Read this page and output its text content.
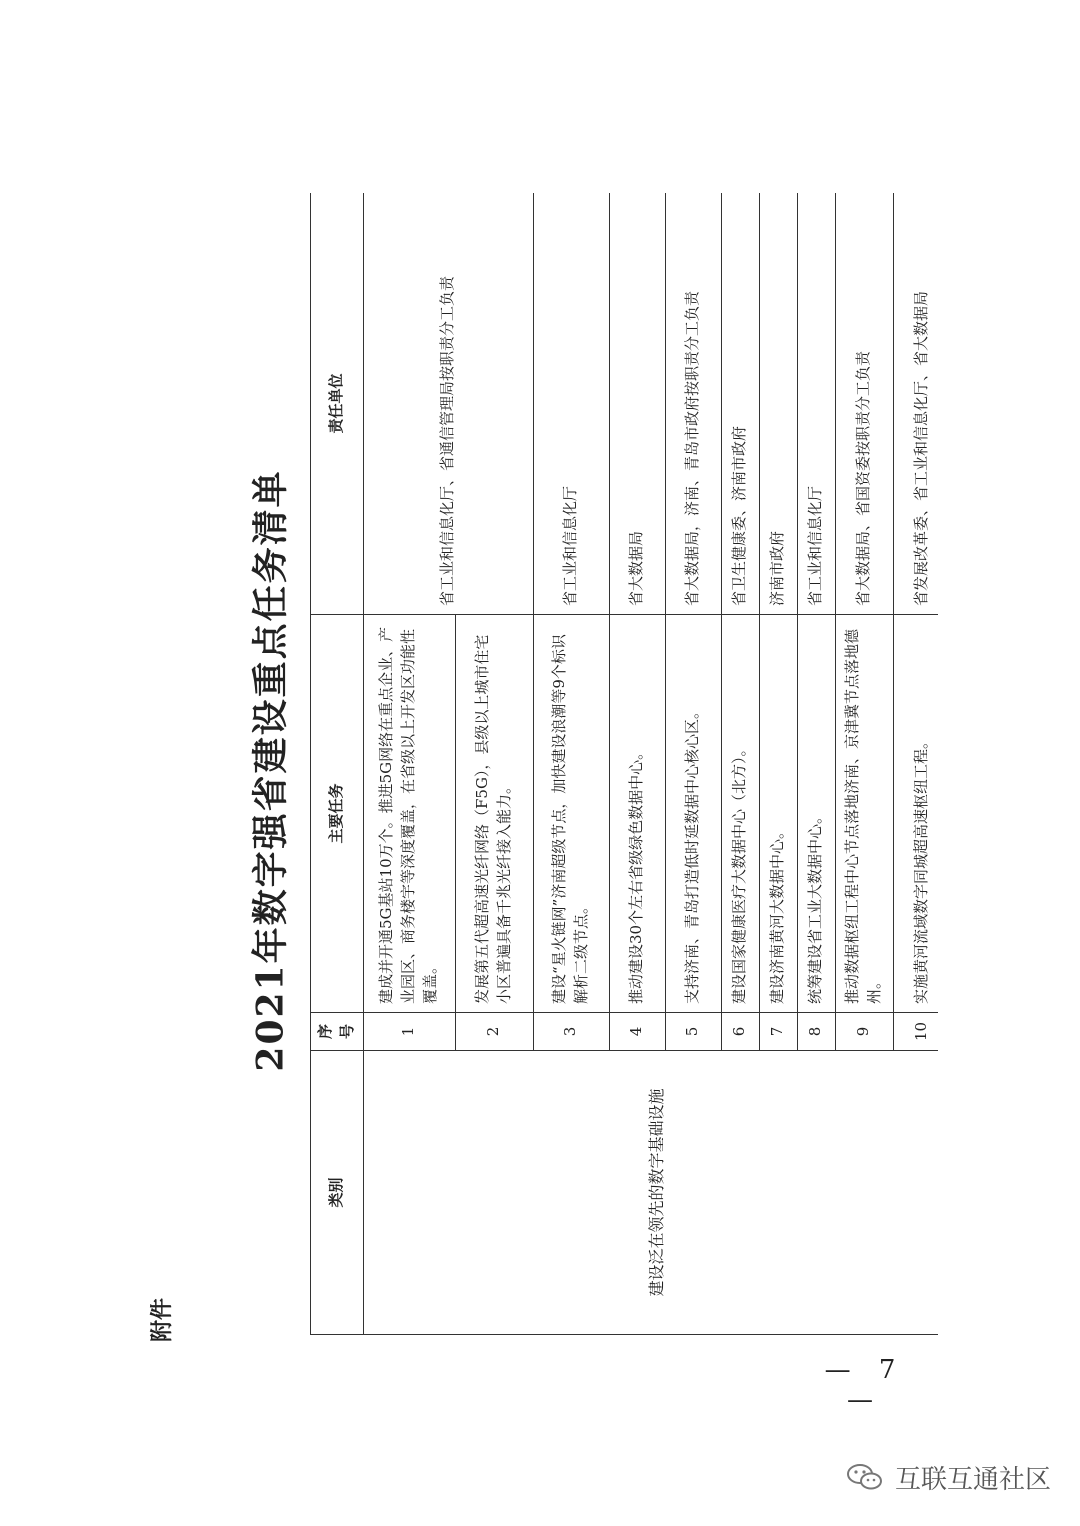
附件
2021年数字强省建设重点任务清单
类别	序号	主要任务	责任单位
建设泛在领先的数字基础设施	1	建成并开通5G基站10万个。推进5G网络在重点企业、产业园区、商务楼宇等深度覆盖，在省级以上开发区功能性覆盖。	省工业和信息化厅、省通信管理局按职责分工负责
	2	发展第五代超高速光纤网络（F5G），县级以上城市住宅小区普遍具备千兆光纤接入能力。	
	3	建设“星火链网”济南超级节点，加快建设浪潮等9个标识解析二级节点。	省工业和信息化厅
	4	推动建设30个左右省级绿色数据中心。	省大数据局
	5	支持济南、青岛打造低时延数据中心核心区。	省大数据局，济南、青岛市政府按职责分工负责
	6	建设国家健康医疗大数据中心（北方）。	省卫生健康委、济南市政府
	7	建设济南黄河大数据中心。	济南市政府
	8	统筹建设省工业大数据中心。	省工业和信息化厅
	9	推动数据枢纽工程中心节点落地济南、京津冀节点落地德州。	省大数据局、省国资委按职责分工负责
	10	实施黄河流域数字同城超高速枢纽工程。	省发展改革委、省工业和信息化厅、省大数据局
— 7 —
互联互通社区
